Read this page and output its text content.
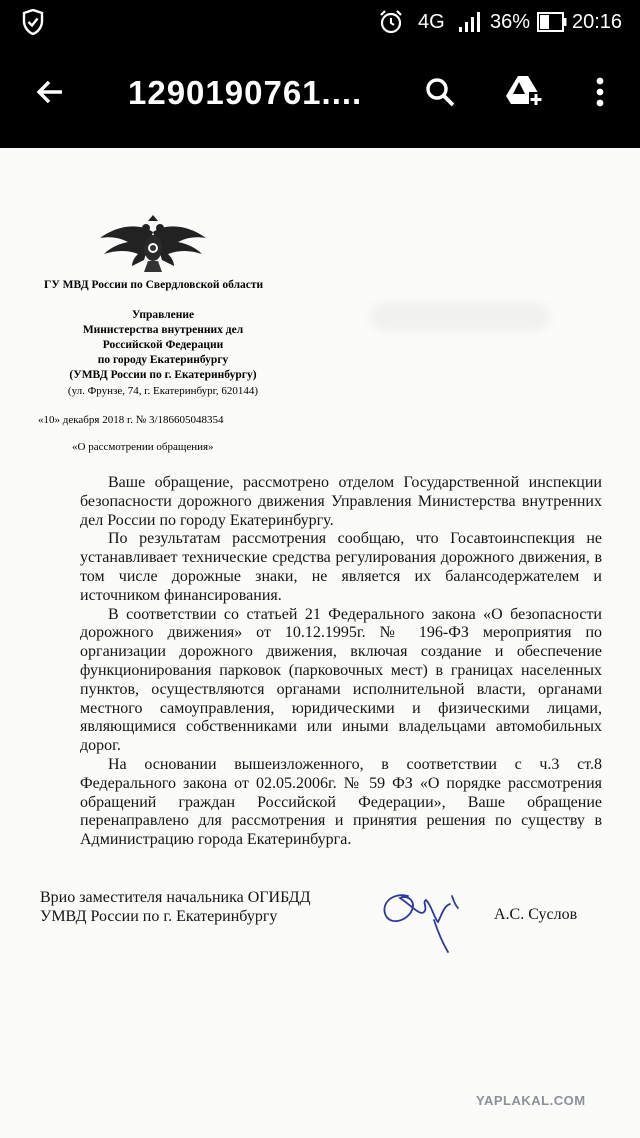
4G 36% 20:16
1290190761....
ГУ МВД России по Свердловской области
Управление
Министерства внутренних дел
Российской Федерации
по городу Екатеринбургу
(УМВД России по г. Екатеринбургу)
(ул. Фрунзе, 74, г. Екатеринбург, 620144)
«10» декабря 2018 г. № 3/186605048354
«О рассмотрении обращения»

Ваше обращение, рассмотрено отделом Государственной инспекции безопасности дорожного движения Управления Министерства внутренних дел России по городу Екатеринбургу.

По результатам рассмотрения сообщаю, что Госавтоинспекция не устанавливает технические средства регулирования дорожного движения, в том числе дорожные знаки, не является их балансодержателем и источником финансирования.

В соответствии со статьей 21 Федерального закона «О безопасности дорожного движения» от 10.12.1995г. № 196-ФЗ мероприятия по организации дорожного движения, включая создание и обеспечение функционирования парковок (парковочных мест) в границах населенных пунктов, осуществляются органами исполнительной власти, органами местного самоуправления, юридическими и физическими лицами, являющимися собственниками или иными владельцами автомобильных дорог.

На основании вышеизложенного, в соответствии с ч.3 ст.8 Федерального закона от 02.05.2006г. № 59 ФЗ «О порядке рассмотрения обращений граждан Российской Федерации», Ваше обращение перенаправлено для рассмотрения и принятия решения по существу в Администрацию города Екатеринбурга.

Врио заместителя начальника ОГИБДД
УМВД России по г. Екатеринбургу	А.С. Суслов
YAPLAKAL.COM
